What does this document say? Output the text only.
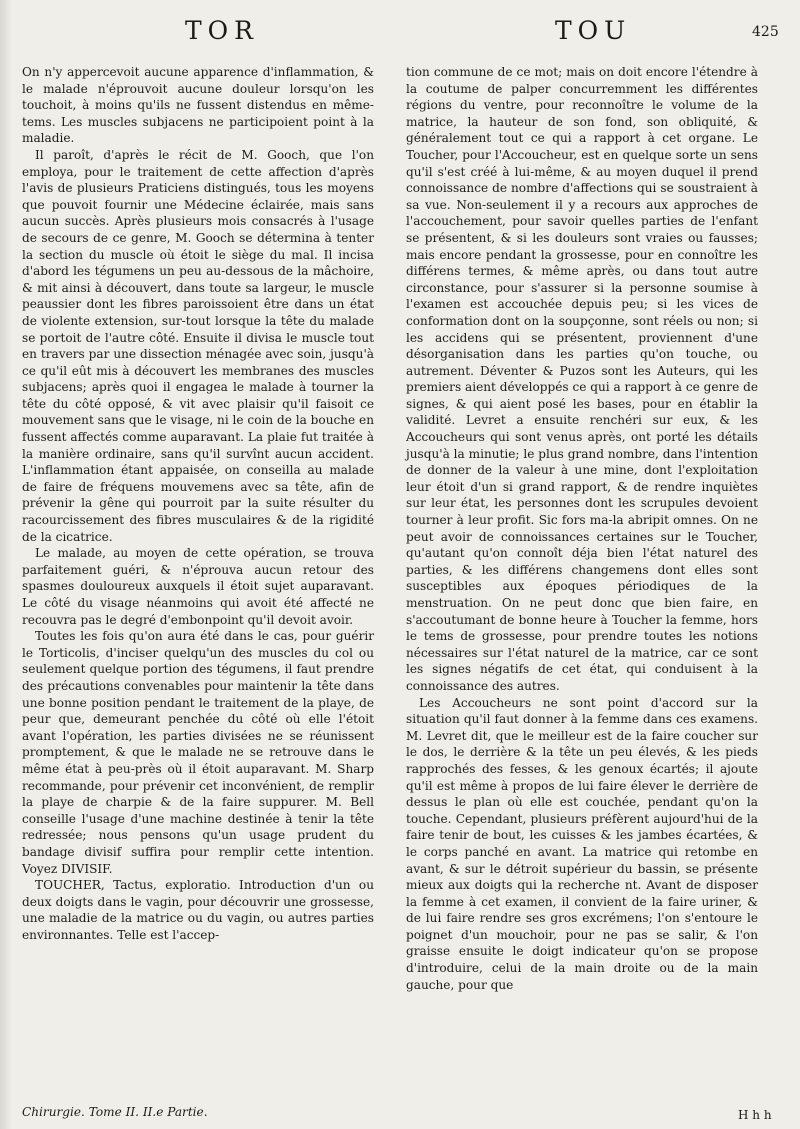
TOR	TOU	425

On n'y appercevoit aucune apparence d'inflammation, & le malade n'éprouvoit aucune douleur lorsqu'on les touchoit, à moins qu'ils ne fussent distendus en même-tems. Les muscles subjacens ne participoient point à la maladie.

Il paroît, d'après le récit de M. Gooch, que l'on employa, pour le traitement de cette affection d'après l'avis de plusieurs Praticiens distingués, tous les moyens que pouvoit fournir une Médecine éclairée, mais sans aucun succès. Après plusieurs mois consacrés à l'usage de secours de ce genre, M. Gooch se détermina à tenter la section du muscle où étoit le siège du mal. Il incisa d'abord les tégumens un peu au-dessous de la mâchoire, & mit ainsi à découvert, dans toute sa largeur, le muscle peaussier dont les fibres paroissoient être dans un état de violente extension, sur-tout lorsque la tête du malade se portoit de l'autre côté. Ensuite il divisa le muscle tout en travers par une dissection ménagée avec soin, jusqu'à ce qu'il eût mis à découvert les membranes des muscles subjacens; après quoi il engagea le malade à tourner la tête du côté opposé, & vit avec plaisir qu'il faisoit ce mouvement sans que le visage, ni le coin de la bouche en fussent affectés comme auparavant. La plaie fut traitée à la manière ordinaire, sans qu'il survînt aucun accident. L'inflammation étant appaisée, on conseilla au malade de faire de fréquens mouvemens avec sa tête, afin de prévenir la gêne qui pourroit par la suite résulter du racourcissement des fibres musculaires & de la rigidité de la cicatrice.

Le malade, au moyen de cette opération, se trouva parfaitement guéri, & n'éprouva aucun retour des spasmes douloureux auxquels il étoit sujet auparavant. Le côté du visage néanmoins qui avoit été affecté ne recouvra pas le degré d'embonpoint qu'il devoit avoir.

Toutes les fois qu'on aura été dans le cas, pour guérir le Torticolis, d'inciser quelqu'un des muscles du col ou seulement quelque portion des tégumens, il faut prendre des précautions convenables pour maintenir la tête dans une bonne position pendant le traitement de la playe, de peur que, demeurant penchée du côté où elle l'étoit avant l'opération, les parties divisées ne se réunissent promptement, & que le malade ne se retrouve dans le même état à peu-près où il étoit auparavant. M. Sharp recommande, pour prévenir cet inconvénient, de remplir la playe de charpie & de la faire suppurer. M. Bell conseille l'usage d'une machine destinée à tenir la tête redressée; nous pensons qu'un usage prudent du bandage divisif suffira pour remplir cette intention. Voyez DIVISIF.

TOUCHER, Tactus, exploratio. Introduction d'un ou deux doigts dans le vagin, pour découvrir une grossesse, une maladie de la matrice ou du vagin, ou autres parties environnantes. Telle est l'accep-

tion commune de ce mot; mais on doit encore l'étendre à la coutume de palper concurremment les différentes régions du ventre, pour reconnoître le volume de la matrice, la hauteur de son fond, son obliquité, & généralement tout ce qui a rapport à cet organe. Le Toucher, pour l'Accoucheur, est en quelque sorte un sens qu'il s'est créé à lui-même, & au moyen duquel il prend connoissance de nombre d'affections qui se soustraient à sa vue. Non-seulement il y a recours aux approches de l'accouchement, pour savoir quelles parties de l'enfant se présentent, & si les douleurs sont vraies ou fausses; mais encore pendant la grossesse, pour en connoître les différens termes, & même après, ou dans tout autre circonstance, pour s'assurer si la personne soumise à l'examen est accouchée depuis peu; si les vices de conformation dont on la soupçonne, sont réels ou non; si les accidens qui se présentent, proviennent d'une désorganisation dans les parties qu'on touche, ou autrement. Déventer & Puzos sont les Auteurs, qui les premiers aient développés ce qui a rapport à ce genre de signes, & qui aient posé les bases, pour en établir la validité. Levret a ensuite renchéri sur eux, & les Accoucheurs qui sont venus après, ont porté les détails jusqu'à la minutie; le plus grand nombre, dans l'intention de donner de la valeur à une mine, dont l'exploitation leur étoit d'un si grand rapport, & de rendre inquiètes sur leur état, les personnes dont les scrupules devoient tourner à leur profit. Sic fors ma-la abripit omnes. On ne peut avoir de connoissances certaines sur le Toucher, qu'autant qu'on connoît déja bien l'état naturel des parties, & les différens changemens dont elles sont susceptibles aux époques périodiques de la menstruation. On ne peut donc que bien faire, en s'accoutumant de bonne heure à Toucher la femme, hors le tems de grossesse, pour prendre toutes les notions nécessaires sur l'état naturel de la matrice, car ce sont les signes négatifs de cet état, qui conduisent à la connoissance des autres.

Les Accoucheurs ne sont point d'accord sur la situation qu'il faut donner à la femme dans ces examens. M. Levret dit, que le meilleur est de la faire coucher sur le dos, le derrière & la tête un peu élevés, & les pieds rapprochés des fesses, & les genoux écartés; il ajoute qu'il est même à propos de lui faire élever le derrière de dessus le plan où elle est couchée, pendant qu'on la touche. Cependant, plusieurs préfèrent aujourd'hui de la faire tenir de bout, les cuisses & les jambes écartées, & le corps panché en avant. La matrice qui retombe en avant, & sur le détroit supérieur du bassin, se présente mieux aux doigts qui la recherche nt. Avant de disposer la femme à cet examen, il convient de la faire uriner, & de lui faire rendre ses gros excrémens; l'on s'entoure le poignet d'un mouchoir, pour ne pas se salir, & l'on graisse ensuite le doigt indicateur qu'on se propose d'introduire, celui de la main droite ou de la main gauche, pour que

Chirurgie. Tome II. II.e Partie.	H h h
